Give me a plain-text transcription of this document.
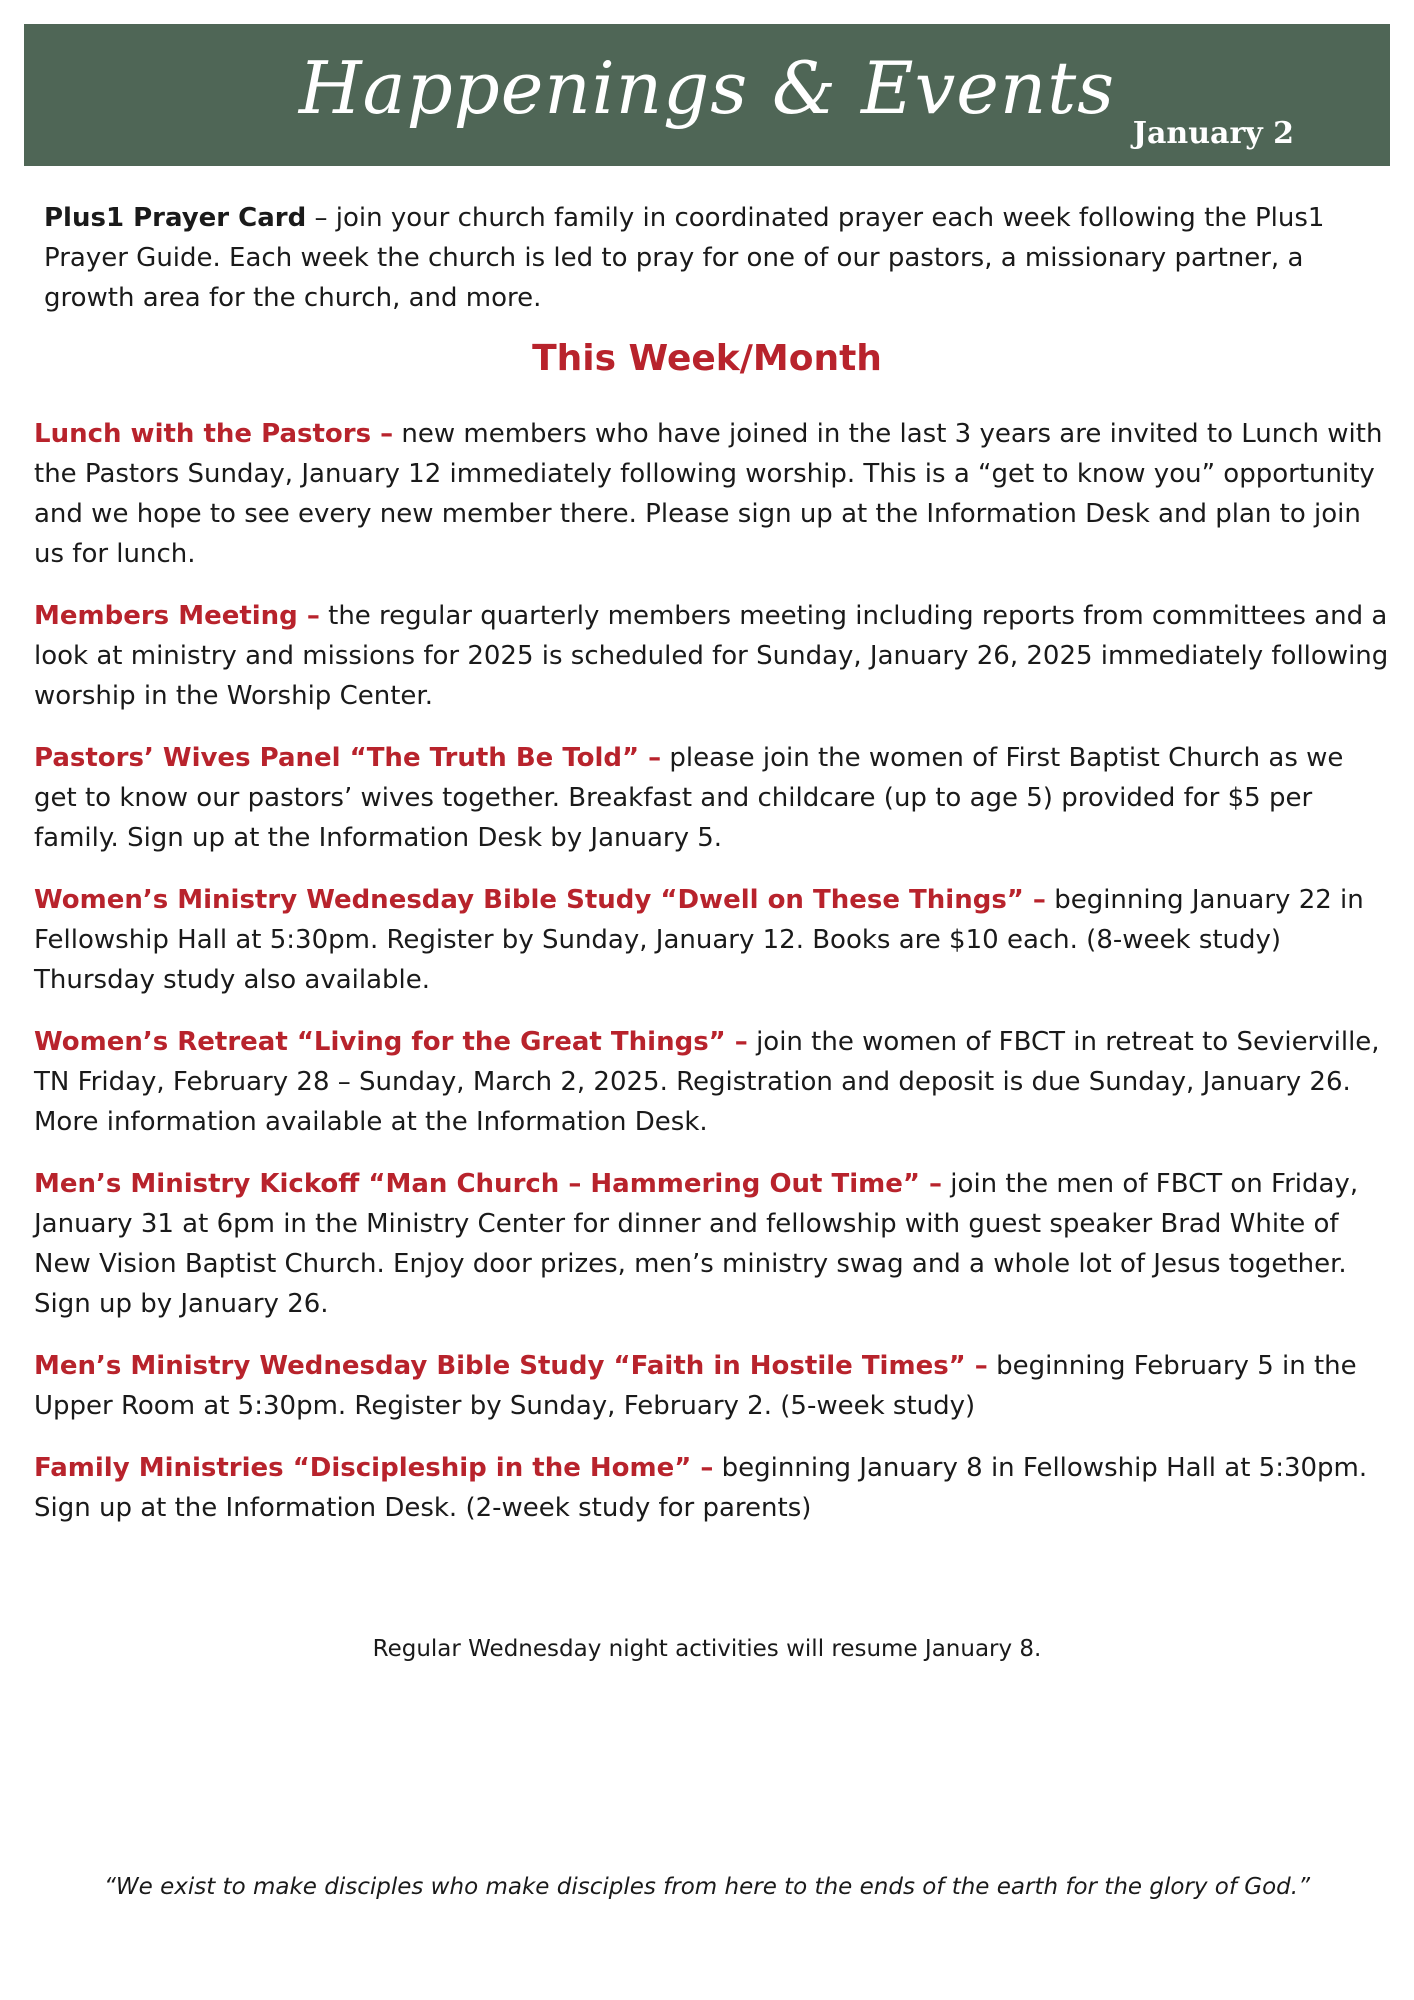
Happenings & Events
January 2

Plus1 Prayer Card – join your church family in coordinated prayer each week following the Plus1 Prayer Guide. Each week the church is led to pray for one of our pastors, a missionary partner, a growth area for the church, and more.

This Week/Month

Lunch with the Pastors – new members who have joined in the last 3 years are invited to Lunch with the Pastors Sunday, January 12 immediately following worship. This is a “get to know you” opportunity and we hope to see every new member there. Please sign up at the Information Desk and plan to join us for lunch.

Members Meeting – the regular quarterly members meeting including reports from committees and a look at ministry and missions for 2025 is scheduled for Sunday, January 26, 2025 immediately following worship in the Worship Center.

Pastors’ Wives Panel “The Truth Be Told” – please join the women of First Baptist Church as we get to know our pastors’ wives together. Breakfast and childcare (up to age 5) provided for $5 per family. Sign up at the Information Desk by January 5.

Women’s Ministry Wednesday Bible Study “Dwell on These Things” – beginning January 22 in Fellowship Hall at 5:30pm. Register by Sunday, January 12. Books are $10 each. (8-week study) Thursday study also available.

Women’s Retreat “Living for the Great Things” – join the women of FBCT in retreat to Sevierville, TN Friday, February 28 – Sunday, March 2, 2025. Registration and deposit is due Sunday, January 26. More information available at the Information Desk.

Men’s Ministry Kickoff “Man Church – Hammering Out Time” – join the men of FBCT on Friday, January 31 at 6pm in the Ministry Center for dinner and fellowship with guest speaker Brad White of New Vision Baptist Church. Enjoy door prizes, men’s ministry swag and a whole lot of Jesus together. Sign up by January 26.

Men’s Ministry Wednesday Bible Study “Faith in Hostile Times” – beginning February 5 in the Upper Room at 5:30pm. Register by Sunday, February 2. (5-week study)

Family Ministries “Discipleship in the Home” – beginning January 8 in Fellowship Hall at 5:30pm. Sign up at the Information Desk. (2-week study for parents)

Regular Wednesday night activities will resume January 8.
“We exist to make disciples who make disciples from here to the ends of the earth for the glory of God.”
